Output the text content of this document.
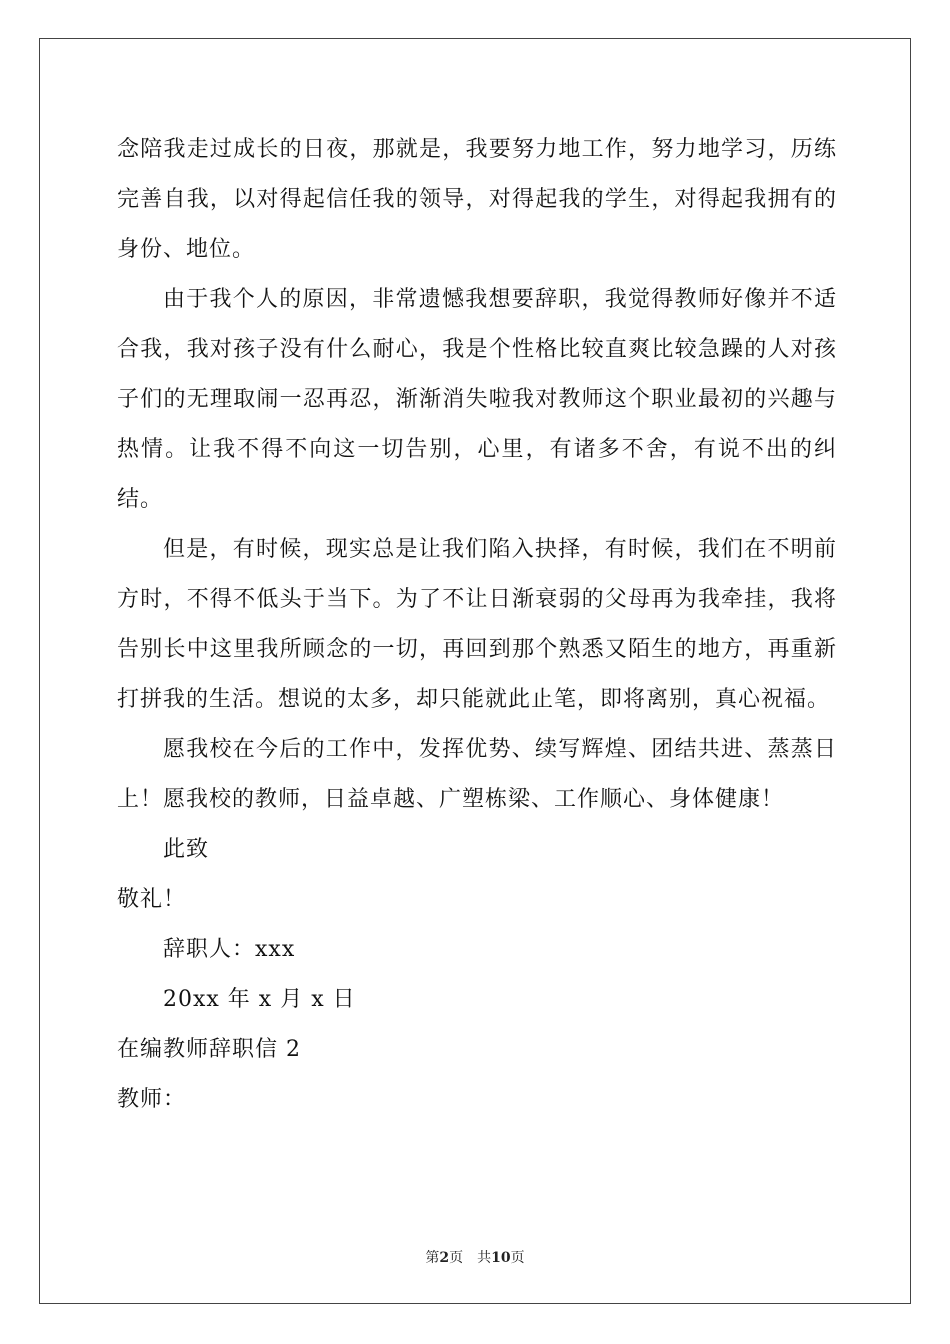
念陪我走过成长的日夜，那就是，我要努力地工作，努力地学习，历练完善自我，以对得起信任我的领导，对得起我的学生，对得起我拥有的身份、地位。

由于我个人的原因，非常遗憾我想要辞职，我觉得教师好像并不适合我，我对孩子没有什么耐心，我是个性格比较直爽比较急躁的人对孩子们的无理取闹一忍再忍，渐渐消失啦我对教师这个职业最初的兴趣与热情。让我不得不向这一切告别，心里，有诸多不舍，有说不出的纠结。

但是，有时候，现实总是让我们陷入抉择，有时候，我们在不明前方时，不得不低头于当下。为了不让日渐衰弱的父母再为我牵挂，我将告别长中这里我所顾念的一切，再回到那个熟悉又陌生的地方，再重新打拼我的生活。想说的太多，却只能就此止笔，即将离别，真心祝福。

愿我校在今后的工作中，发挥优势、续写辉煌、团结共进、蒸蒸日上！愿我校的教师，日益卓越、广塑栋梁、工作顺心、身体健康！

此致

敬礼！

辞职人：xxx

20xx 年 x 月 x 日

在编教师辞职信 2

教师：

第2页 共10页
